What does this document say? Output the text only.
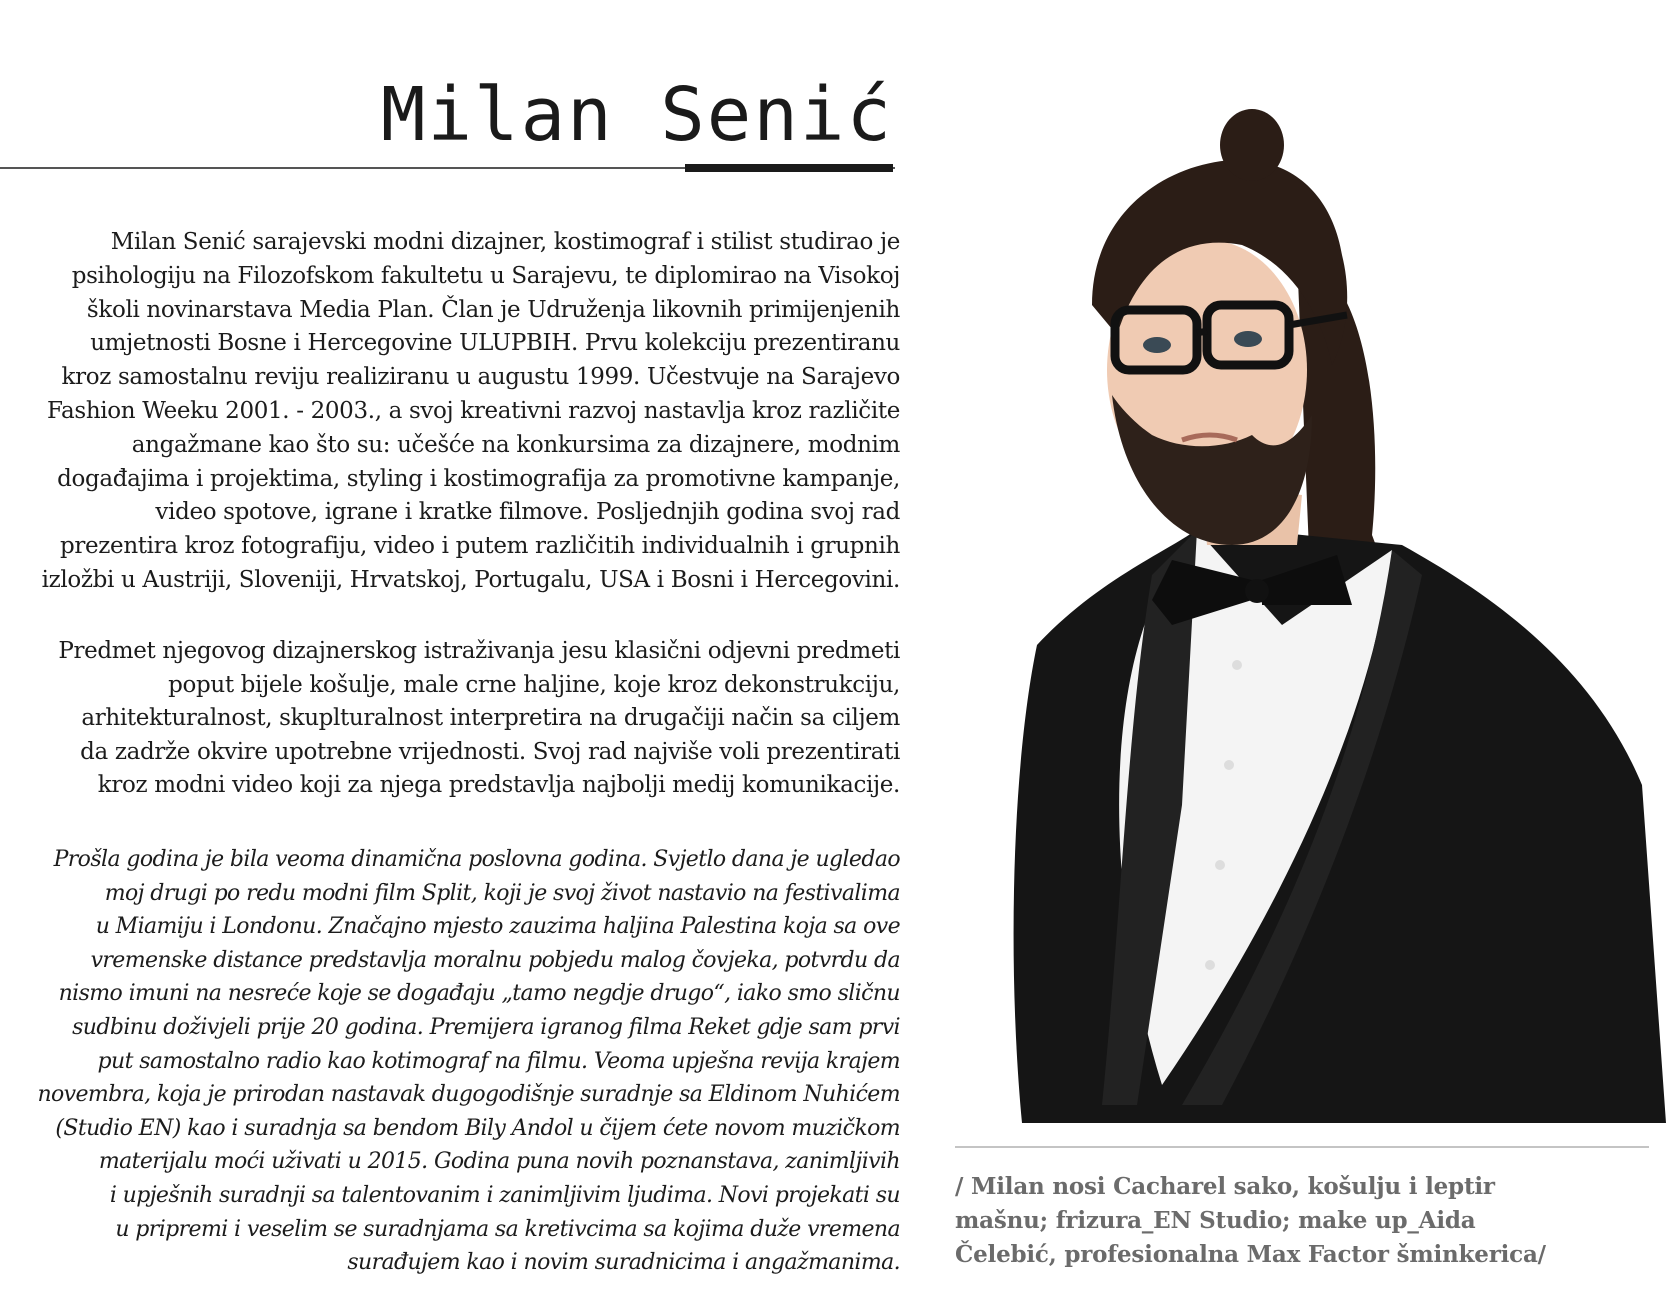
Milan Senić
Milan Senić sarajevski modni dizajner, kostimograf i stilist studirao je
psihologiju na Filozofskom fakultetu u Sarajevu, te diplomirao na Visokoj
školi novinarstava Media Plan. Član je Udruženja likovnih primijenjenih
umjetnosti Bosne i Hercegovine ULUPBIH. Prvu kolekciju prezentiranu
kroz samostalnu reviju realiziranu u augustu 1999. Učestvuje na Sarajevo
Fashion Weeku 2001. - 2003., a svoj kreativni razvoj nastavlja kroz različite
angažmane kao što su: učešće na konkursima za dizajnere, modnim
događajima i projektima, styling i kostimografija za promotivne kampanje,
video spotove, igrane i kratke filmove. Posljednjih godina svoj rad
prezentira kroz fotografiju, video i putem različitih individualnih i grupnih
izložbi u Austriji, Sloveniji, Hrvatskoj, Portugalu, USA i Bosni i Hercegovini.
Predmet njegovog dizajnerskog istraživanja jesu klasični odjevni predmeti
poput bijele košulje, male crne haljine, koje kroz dekonstrukciju,
arhitekturalnost, skuplturalnost interpretira na drugačiji način sa ciljem
da zadrže okvire upotrebne vrijednosti. Svoj rad najviše voli prezentirati
kroz modni video koji za njega predstavlja najbolji medij komunikacije.
Prošla godina je bila veoma dinamična poslovna godina. Svjetlo dana je ugledao
moj drugi po redu modni film Split, koji je svoj život nastavio na festivalima
u Miamiju i Londonu. Značajno mjesto zauzima haljina Palestina koja sa ove
vremenske distance predstavlja moralnu pobjedu malog čovjeka, potvrdu da
nismo imuni na nesreće koje se događaju „tamo negdje drugo“, iako smo sličnu
sudbinu doživjeli prije 20 godina. Premijera igranog filma Reket gdje sam prvi
put samostalno radio kao kotimograf na filmu. Veoma upješna revija krajem
novembra, koja je prirodan nastavak dugogodišnje suradnje sa Eldinom Nuhićem
(Studio EN) kao i suradnja sa bendom Bily Andol u čijem ćete novom muzičkom
materijalu moći uživati u 2015. Godina puna novih poznanstava, zanimljivih
i upješnih suradnji sa talentovanim i zanimljivim ljudima. Novi projekati su
u pripremi i veselim se suradnjama sa kretivcima sa kojima duže vremena
surađujem kao i novim suradnicima i angažmanima.
/ Milan nosi Cacharel sako, košulju i leptir
mašnu; frizura_EN Studio; make up_Aida
Čelebić, profesionalna Max Factor šminkerica/
